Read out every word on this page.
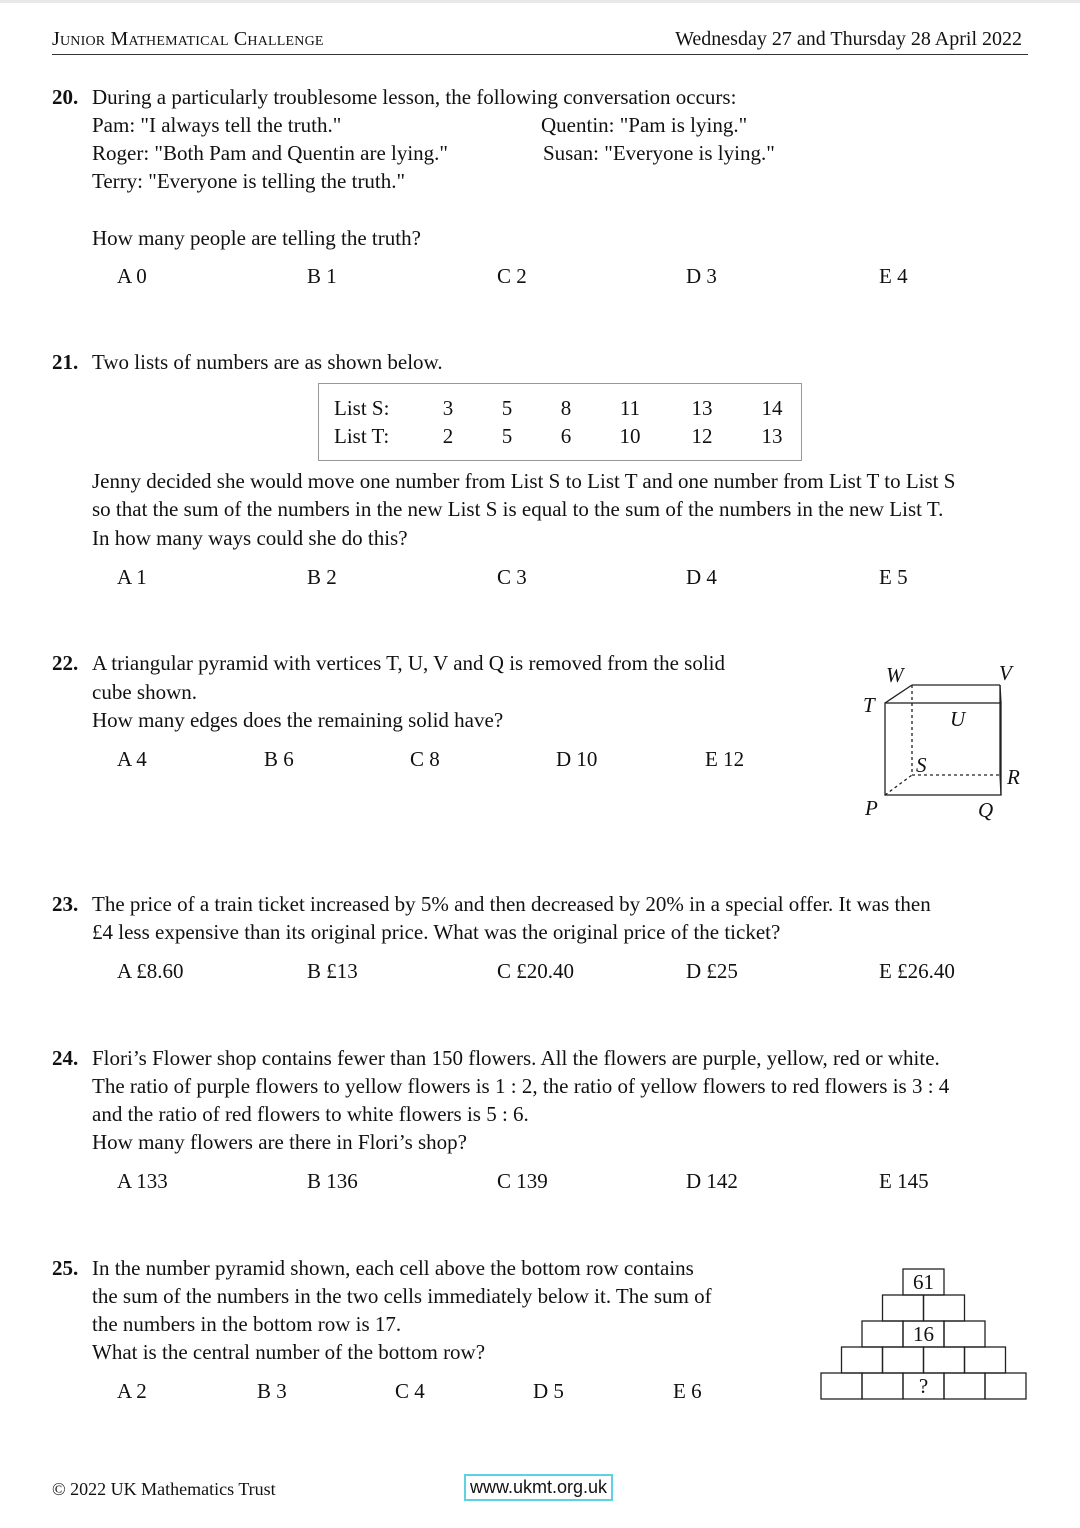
Junior Mathematical Challenge	Wednesday 27 and Thursday 28 April 2022
20. During a particularly troublesome lesson, the following conversation occurs:
Pam: "I always tell the truth."	Quentin: "Pam is lying."
Roger: "Both Pam and Quentin are lying."	Susan: "Everyone is lying."
Terry: "Everyone is telling the truth."
How many people are telling the truth?
A 0	B 1	C 2	D 3	E 4
21. Two lists of numbers are as shown below.
List S:	3	5	8	11	13	14
List T:	2	5	6	10	12	13
Jenny decided she would move one number from List S to List T and one number from List T to List S
so that the sum of the numbers in the new List S is equal to the sum of the numbers in the new List T.
In how many ways could she do this?
A 1	B 2	C 3	D 4	E 5
22. A triangular pyramid with vertices T, U, V and Q is removed from the solid
cube shown.
How many edges does the remaining solid have?
A 4	B 6	C 8	D 10	E 12
W	V
T
U
S	R
P	Q
23. The price of a train ticket increased by 5% and then decreased by 20% in a special offer. It was then
£4 less expensive than its original price. What was the original price of the ticket?
A £8.60	B £13	C £20.40	D £25	E £26.40
24. Flori’s Flower shop contains fewer than 150 flowers. All the flowers are purple, yellow, red or white.
The ratio of purple flowers to yellow flowers is 1 : 2, the ratio of yellow flowers to red flowers is 3 : 4
and the ratio of red flowers to white flowers is 5 : 6.
How many flowers are there in Flori’s shop?
A 133	B 136	C 139	D 142	E 145
25. In the number pyramid shown, each cell above the bottom row contains
the sum of the numbers in the two cells immediately below it. The sum of
the numbers in the bottom row is 17.
What is the central number of the bottom row?
A 2	B 3	C 4	D 5	E 6
61
16
?
© 2022 UK Mathematics Trust	www.ukmt.org.uk
